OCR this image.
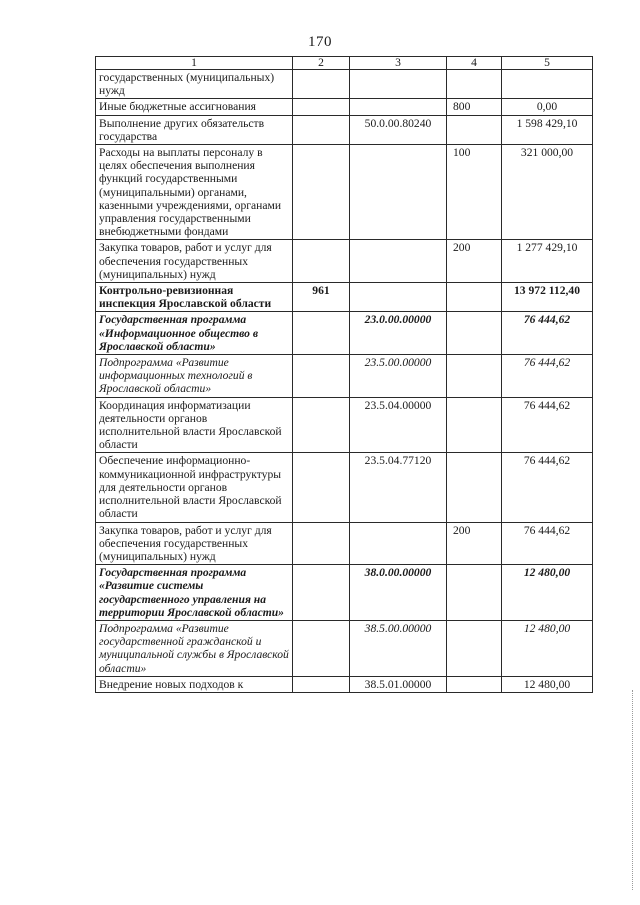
170
1	2	3	4	5
государственных (муниципальных) нужд				
Иные бюджетные ассигнования			800	0,00
Выполнение других обязательств государства		50.0.00.80240		1 598 429,10
Расходы на выплаты персоналу в целях обеспечения выполнения функций государственными (муниципальными) органами, казенными учреждениями, органами управления государственными внебюджетными фондами			100	321 000,00
Закупка товаров, работ и услуг для обеспечения государственных (муниципальных) нужд			200	1 277 429,10
Контрольно-ревизионная инспекция Ярославской области	961			13 972 112,40
Государственная программа «Информационное общество в Ярославской области»		23.0.00.00000		76 444,62
Подпрограмма «Развитие информационных технологий в Ярославской области»		23.5.00.00000		76 444,62
Координация информатизации деятельности органов исполнительной власти Ярославской области		23.5.04.00000		76 444,62
Обеспечение информационно-коммуникационной инфраструктуры для деятельности органов исполнительной власти Ярославской области		23.5.04.77120		76 444,62
Закупка товаров, работ и услуг для обеспечения государственных (муниципальных) нужд			200	76 444,62
Государственная программа «Развитие системы государственного управления на территории Ярославской области»		38.0.00.00000		12 480,00
Подпрограмма «Развитие государственной гражданской и муниципальной службы в Ярославской области»		38.5.00.00000		12 480,00
Внедрение новых подходов к		38.5.01.00000		12 480,00
